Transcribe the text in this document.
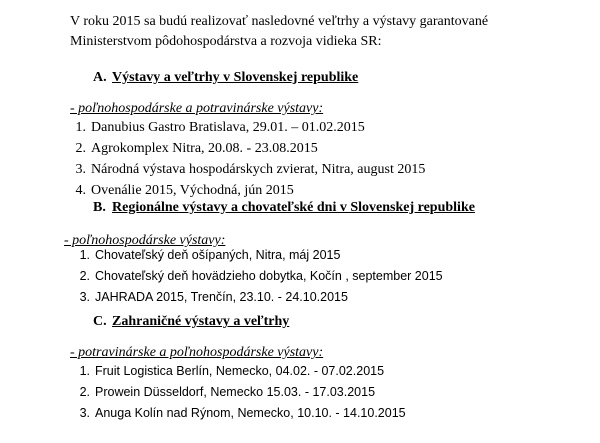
V roku 2015 sa budú realizovať nasledovné veľtrhy a výstavy garantované Ministerstvom pôdohospodárstva a rozvoja vidieka SR:
A. Výstavy a veľtrhy v Slovenskej republike
- poľnohospodárske a potravinárske výstavy:
1. Danubius Gastro Bratislava, 29.01. – 01.02.2015
2. Agrokomplex Nitra, 20.08. - 23.08.2015
3. Národná výstava hospodárskych zvierat, Nitra, august 2015
4. Ovenálie 2015, Východná, jún 2015
B. Regionálne výstavy a chovateľské dni v Slovenskej republike
- poľnohospodárske výstavy:
1. Chovateľský deň ošípaných, Nitra, máj 2015
2. Chovateľský deň hovädzieho dobytka, Kočín , september 2015
3. JAHRADA 2015, Trenčín, 23.10. - 24.10.2015
C. Zahraničné výstavy a veľtrhy
- potravinárske a poľnohospodárske výstavy:
1. Fruit Logistica Berlín, Nemecko, 04.02. - 07.02.2015
2. Prowein Düsseldorf, Nemecko 15.03. - 17.03.2015
3. Anuga Kolín nad Rýnom, Nemecko, 10.10. - 14.10.2015
